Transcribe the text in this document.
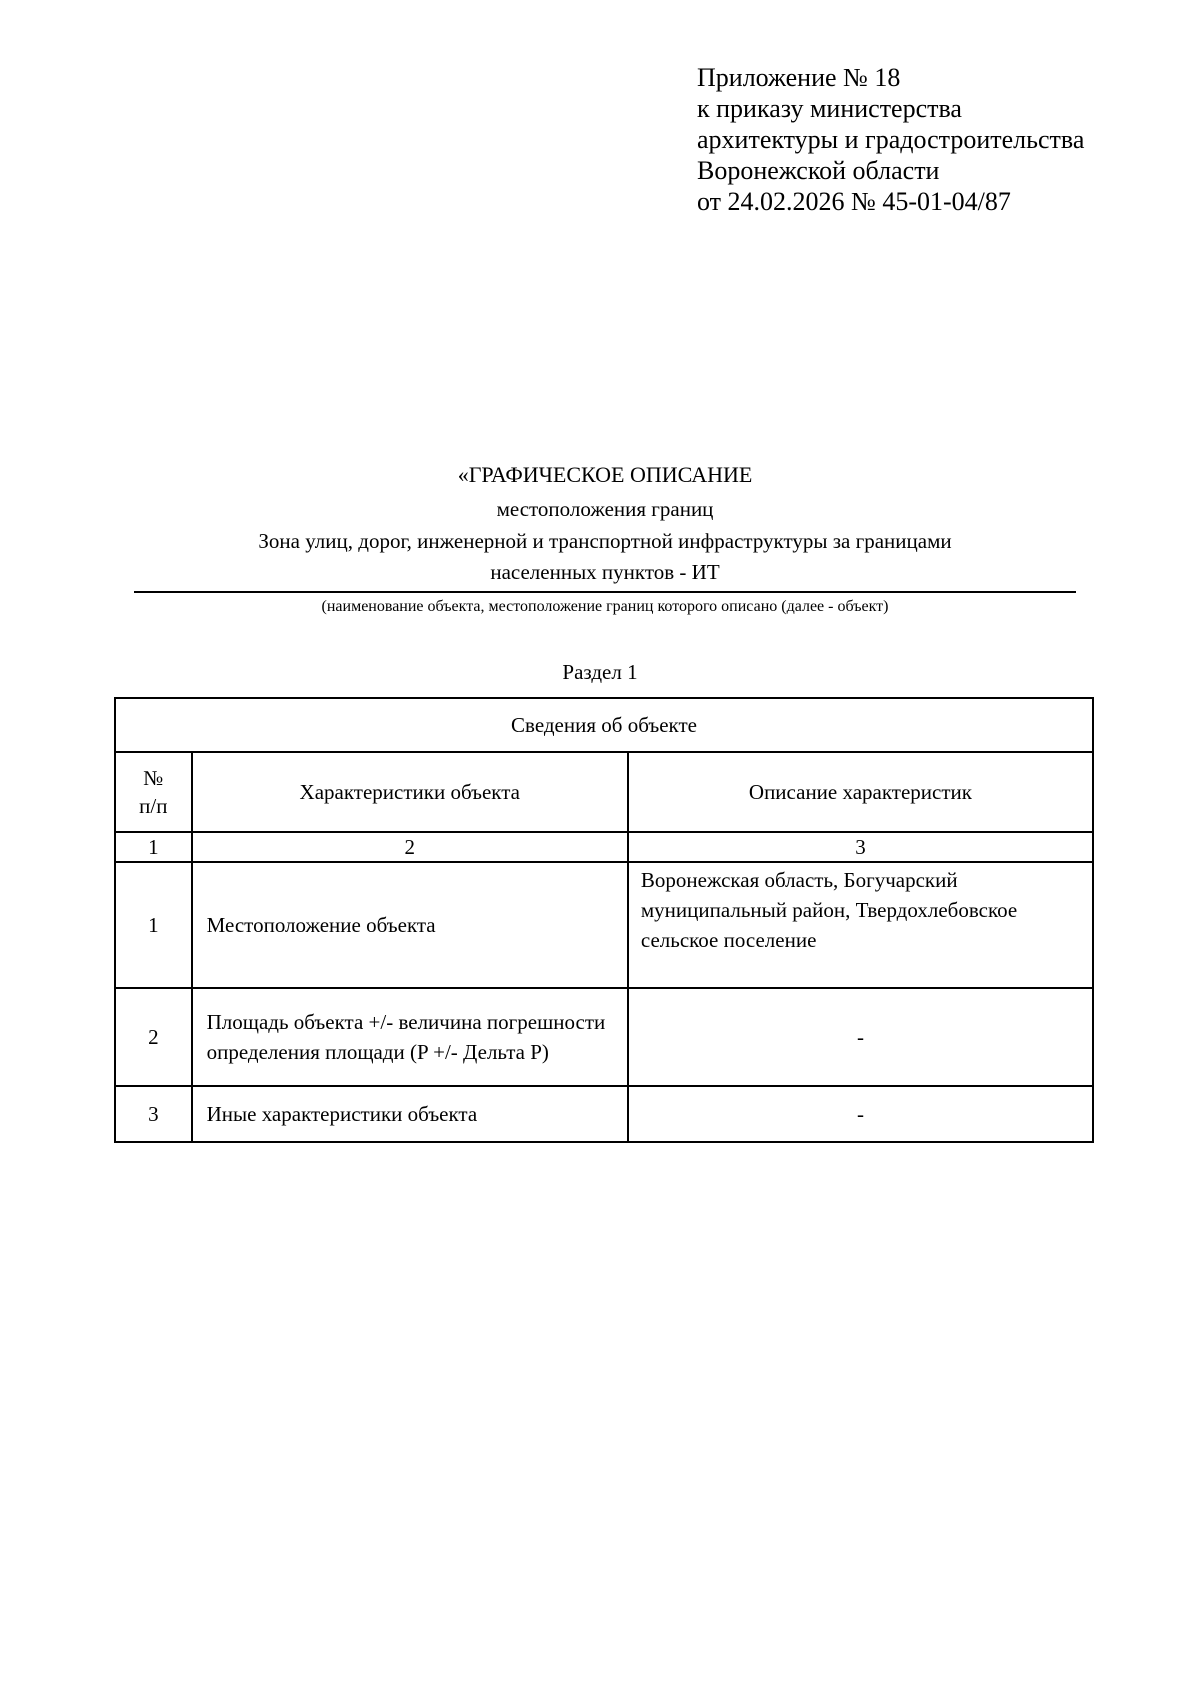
Приложение № 18
к приказу министерства
архитектуры и градостроительства
Воронежской области
от 24.02.2026 № 45-01-04/87
«ГРАФИЧЕСКОЕ ОПИСАНИЕ
местоположения границ
Зона улиц, дорог, инженерной и транспортной инфраструктуры за границами
населенных пунктов - ИТ
(наименование объекта, местоположение границ которого описано (далее - объект)
Раздел 1
Сведения об объекте		

№
п/п	Характеристики объекта	Описание характеристик
1	2	3
1	Местоположение объекта	Воронежская область, Богучарский муниципальный район, Твердохлебовское сельское поселение

2	Площадь объекта +/- величина погрешности определения площади (P +/- Дельта P)	-
3	Иные характеристики объекта	-
